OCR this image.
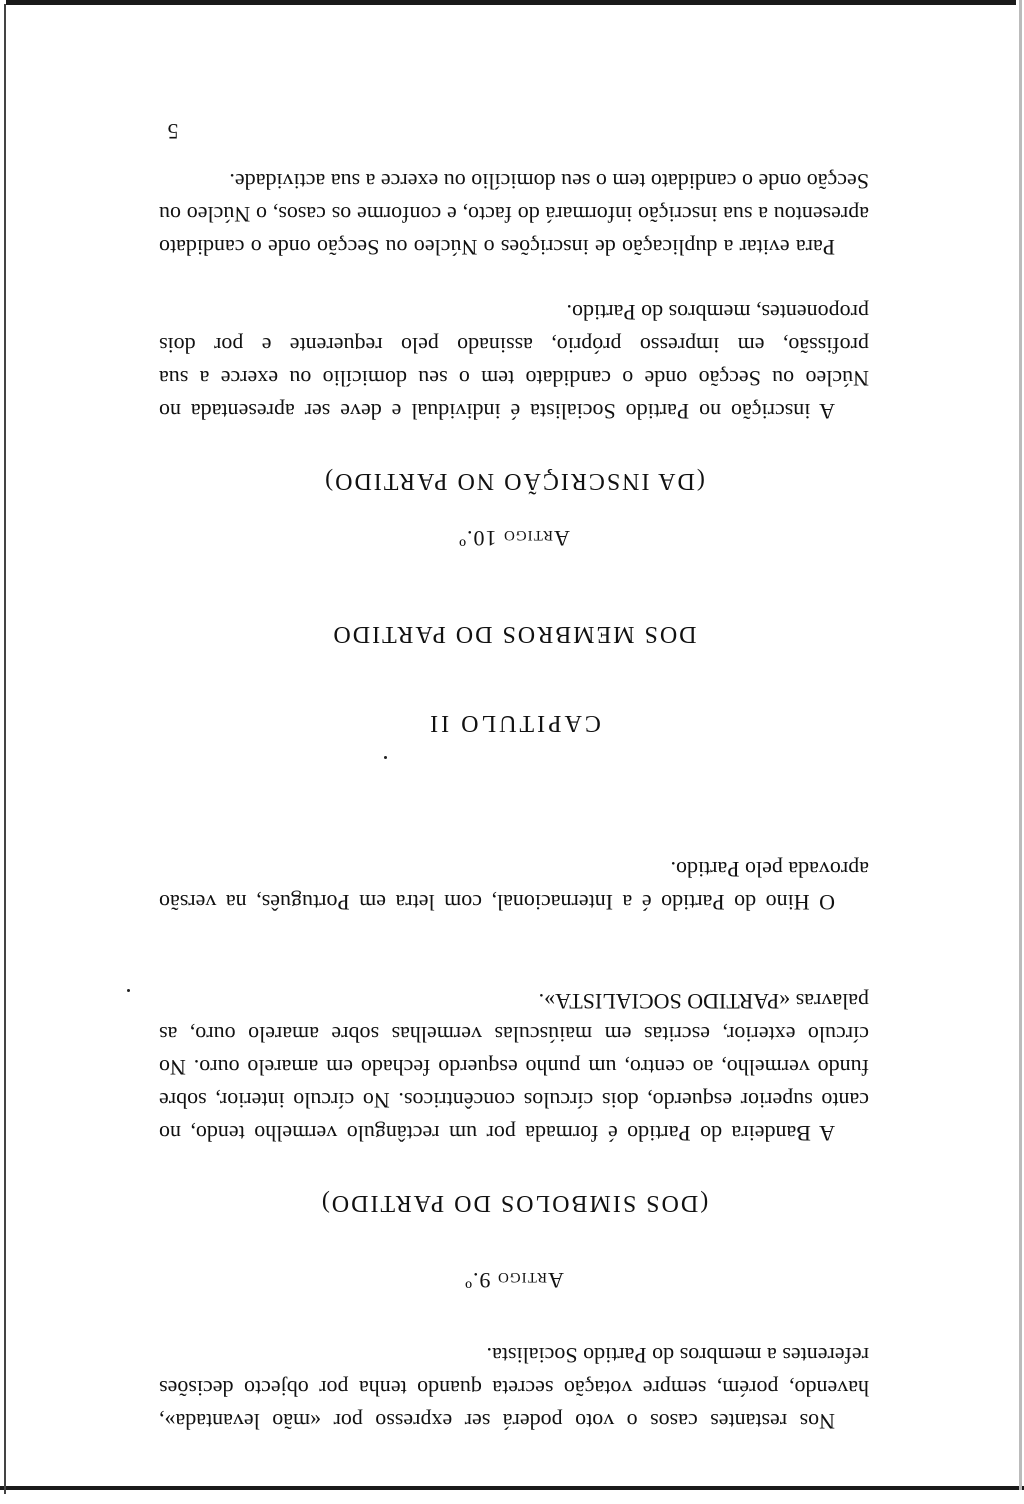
Nos restantes casos o voto poderá ser expresso por «mão levantada», havendo, porém, sempre votação secreta quando tenha por objecto decisões referentes a membros do Partido Socialista.

Artigo 9.º
(DOS SIMBOLOS DO PARTIDO)

A Bandeira do Partido é formada por um rectângulo vermelho tendo, no canto superior esquerdo, dois círculos concêntricos. No círculo interior, sobre fundo vermelho, ao centro, um punho esquerdo fechado em amarelo ouro. No círculo exterior, escritas em maiúsculas vermelhas sobre amarelo ouro, as palavras «PARTIDO SOCIALISTA».

O Hino do Partido é a Internacional, com letra em Português, na versão aprovada pelo Partido.

CAPITULO II
DOS MEMBROS DO PARTIDO
Artigo 10.º
(DA INSCRIÇÃO NO PARTIDO)

A inscrição no Partido Socialista é individual e deve ser apresentada no Núcleo ou Secção onde o candidato tem o seu domicílio ou exerce a sua profissão, em impresso próprio, assinado pelo requerente e por dois proponentes, membros do Partido.

Para evitar a duplicação de inscrições o Núcleo ou Secção onde o candidato apresentou a sua inscrição informará do facto, e conforme os casos, o Núcleo ou Secção onde o candidato tem o seu domicílio ou exerce a sua actividade.

5
